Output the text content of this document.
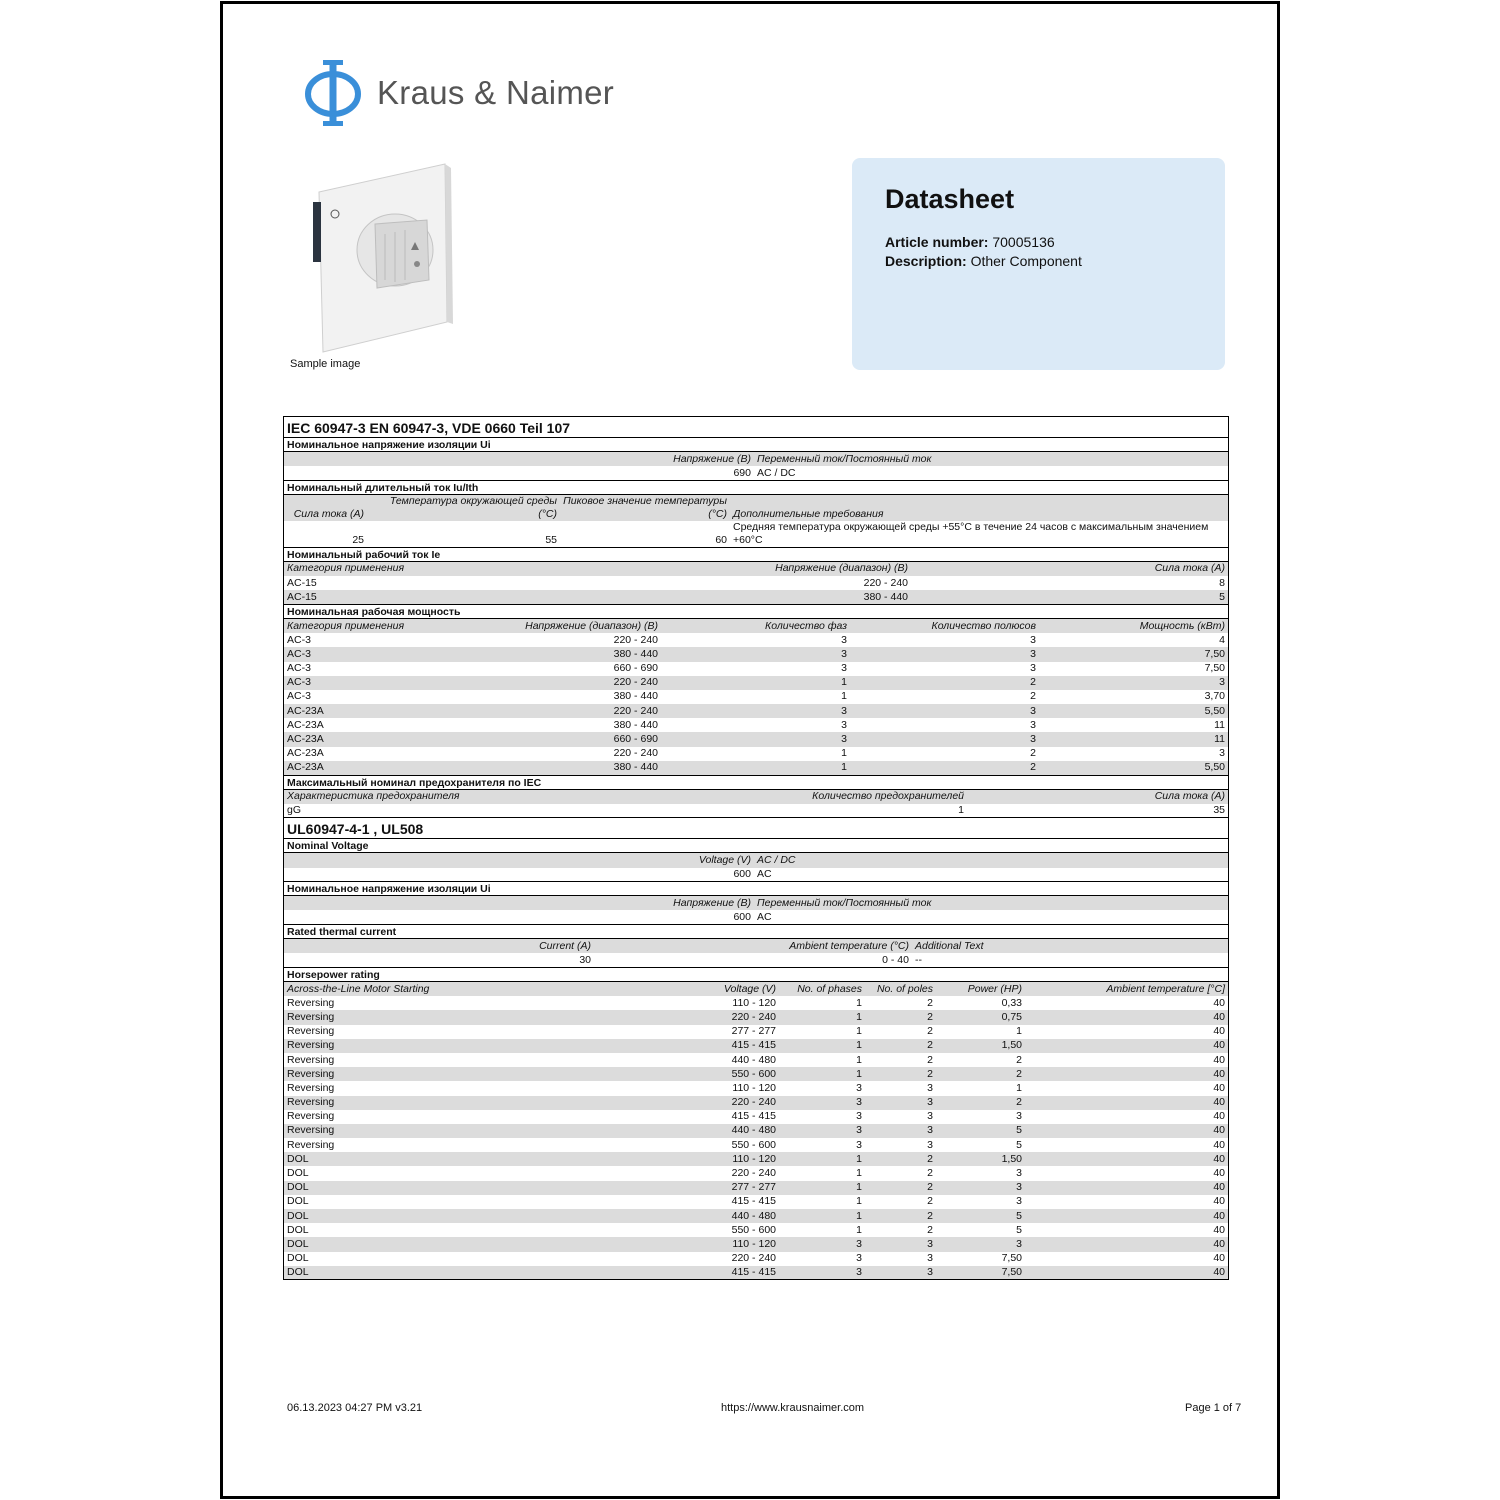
Kraus & Naimer
Sample image
Datasheet
Article number: 70005136
Description: Other Component
IEC 60947-3 EN 60947-3, VDE 0660 Teil 107
Номинальное напряжение изоляции Ui
Напряжение (В)	Переменный ток/Постоянный ток
690	AC / DC
Номинальный длительный ток Iu/Ith
Сила тока (А)	Температура окружающей среды (°C)	Пиковое значение температуры (°C)	Дополнительные требования
25	55	60	Средняя температура окружающей среды +55°C в течение 24 часов с максимальным значением +60°C
Номинальный рабочий ток Ie
Категория применения	Напряжение (диапазон) (В)	Сила тока (А)
AC-15	220 - 240	8
AC-15	380 - 440	5
Номинальная рабочая мощность
Категория применения	Напряжение (диапазон) (В)	Количество фаз	Количество полюсов	Мощность (кВт)
AC-3	220 - 240	3	3	4
AC-3	380 - 440	3	3	7,50
AC-3	660 - 690	3	3	7,50
AC-3	220 - 240	1	2	3
AC-3	380 - 440	1	2	3,70
AC-23A	220 - 240	3	3	5,50
AC-23A	380 - 440	3	3	11
AC-23A	660 - 690	3	3	11
AC-23A	220 - 240	1	2	3
AC-23A	380 - 440	1	2	5,50
Максимальный номинал предохранителя по IEC
Характеристика предохранителя	Количество предохранителей	Сила тока (А)
gG	1	35
UL60947-4-1 , UL508
Nominal Voltage
Voltage (V)	AC / DC
600	AC
Номинальное напряжение изоляции Ui
Напряжение (В)	Переменный ток/Постоянный ток
600	AC
Rated thermal current
Current (A)	Ambient temperature (°C)	Additional Text
30	0 - 40	--
Horsepower rating
Across-the-Line Motor Starting	Voltage (V)	No. of phases	No. of poles	Power (HP)	Ambient temperature [°C]
Reversing	110 - 120	1	2	0,33	40
Reversing	220 - 240	1	2	0,75	40
Reversing	277 - 277	1	2	1	40
Reversing	415 - 415	1	2	1,50	40
Reversing	440 - 480	1	2	2	40
Reversing	550 - 600	1	2	2	40
Reversing	110 - 120	3	3	1	40
Reversing	220 - 240	3	3	2	40
Reversing	415 - 415	3	3	3	40
Reversing	440 - 480	3	3	5	40
Reversing	550 - 600	3	3	5	40
DOL	110 - 120	1	2	1,50	40
DOL	220 - 240	1	2	3	40
DOL	277 - 277	1	2	3	40
DOL	415 - 415	1	2	3	40
DOL	440 - 480	1	2	5	40
DOL	550 - 600	1	2	5	40
DOL	110 - 120	3	3	3	40
DOL	220 - 240	3	3	7,50	40
DOL	415 - 415	3	3	7,50	40
06.13.2023 04:27 PM v3.21	https://www.krausnaimer.com	Page 1 of 7
